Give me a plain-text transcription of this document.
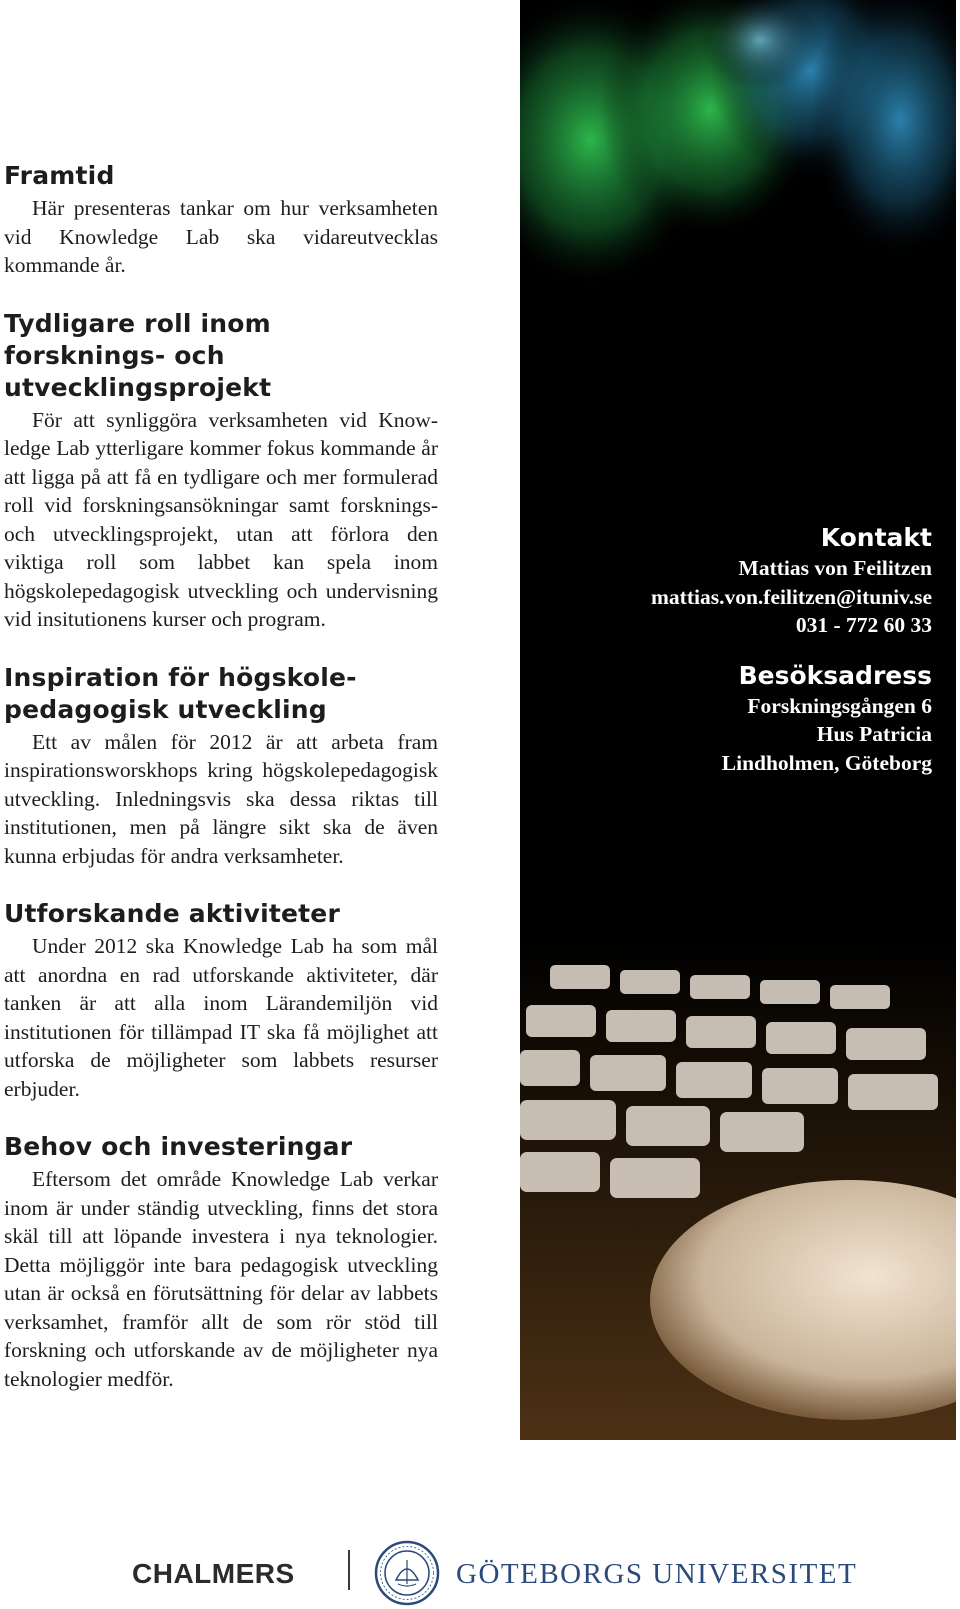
Framtid

Här presenteras tankar om hur verksamheten vid Knowledge Lab ska vidareutvecklas kommande år.

Tydligare roll inom forsknings- och utvecklingsprojekt

För att synliggöra verksamheten vid Knowledge Lab ytterligare kommer fokus kommande år att ligga på att få en tydligare och mer formulerad roll vid forskningsansökningar samt forsknings- och utvecklingsprojekt, utan att förlora den viktiga roll som labbet kan spela inom högskolepedagogisk utveckling och undervisning vid insitutionens kurser och program.

Inspiration för högskole- pedagogisk utveckling

Ett av målen för 2012 är att arbeta fram inspirationsworskhops kring högskolepedagogisk utveckling. Inledningsvis ska dessa riktas till institutionen, men på längre sikt ska de även kunna erbjudas för andra verksamheter.

Utforskande aktiviteter

Under 2012 ska Knowledge Lab ha som mål att anordna en rad utforskande aktiviteter, där tanken är att alla inom Lärandemiljön vid institutionen för tillämpad IT ska få möjlighet att utforska de möjligheter som labbets resurser erbjuder.

Behov och investeringar

Eftersom det område Knowledge Lab verkar inom är under ständig utveckling, finns det stora skäl till att löpande investera i nya teknologier. Detta möjliggör inte bara pedagogisk utveckling utan är också en förutsättning för delar av labbets verksamhet, framför allt de som rör stöd till forskning och utforskande av de möjligheter nya teknologier medför.

Kontakt

Mattias von Feilitzen

mattias.von.feilitzen@ituniv.se

031 - 772 60 33

Besöksadress

Forskningsgången 6

Hus Patricia

Lindholmen, Göteborg

CHALMERS	GÖTEBORGS UNIVERSITET
